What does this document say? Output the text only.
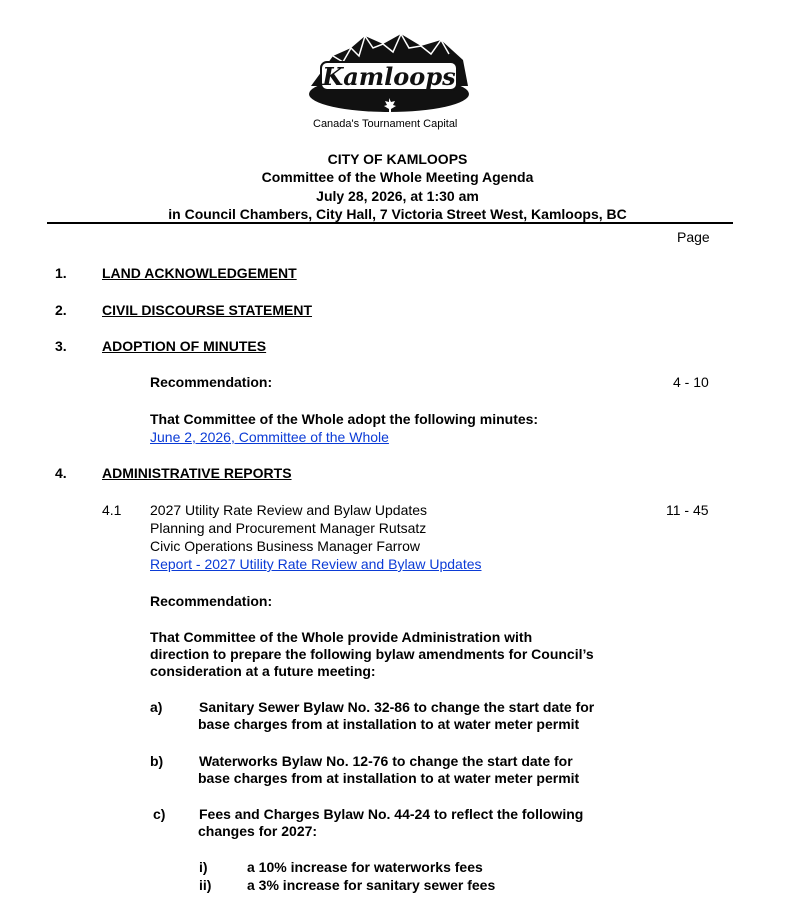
Kamloops
Canada's Tournament Capital
CITY OF KAMLOOPS
Committee of the Whole Meeting Agenda
July 28, 2026, at 1:30 am
in Council Chambers, City Hall, 7 Victoria Street West, Kamloops, BC
Page
1.	LAND ACKNOWLEDGEMENT
2.	CIVIL DISCOURSE STATEMENT
3.	ADOPTION OF MINUTES
Recommendation:	4 - 10
That Committee of the Whole adopt the following minutes:
June 2, 2026, Committee of the Whole
4.	ADMINISTRATIVE REPORTS
4.1 2027 Utility Rate Review and Bylaw Updates	11 - 45
Planning and Procurement Manager Rutsatz
Civic Operations Business Manager Farrow
Report - 2027 Utility Rate Review and Bylaw Updates
Recommendation:
That Committee of the Whole provide Administration with
direction to prepare the following bylaw amendments for Council’s
consideration at a future meeting:
a)	Sanitary Sewer Bylaw No. 32-86 to change the start date for
base charges from at installation to at water meter permit
b)	Waterworks Bylaw No. 12-76 to change the start date for
base charges from at installation to at water meter permit
c) Fees and Charges Bylaw No. 44-24 to reflect the following
changes for 2027:
i)	a 10% increase for waterworks fees
ii)	a 3% increase for sanitary sewer fees
